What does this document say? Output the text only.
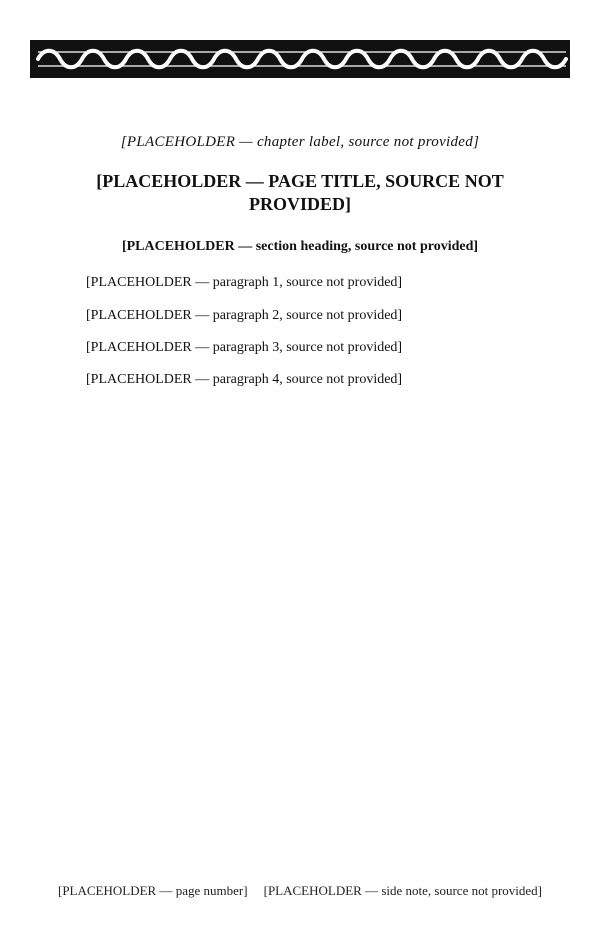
[PLACEHOLDER — chapter label, source not provided]
[PLACEHOLDER — PAGE TITLE, SOURCE NOT PROVIDED]
[PLACEHOLDER — section heading, source not provided]

[PLACEHOLDER — paragraph 1, source not provided]

[PLACEHOLDER — paragraph 2, source not provided]

[PLACEHOLDER — paragraph 3, source not provided]

[PLACEHOLDER — paragraph 4, source not provided]

[PLACEHOLDER — page number] [PLACEHOLDER — side note, source not provided]
